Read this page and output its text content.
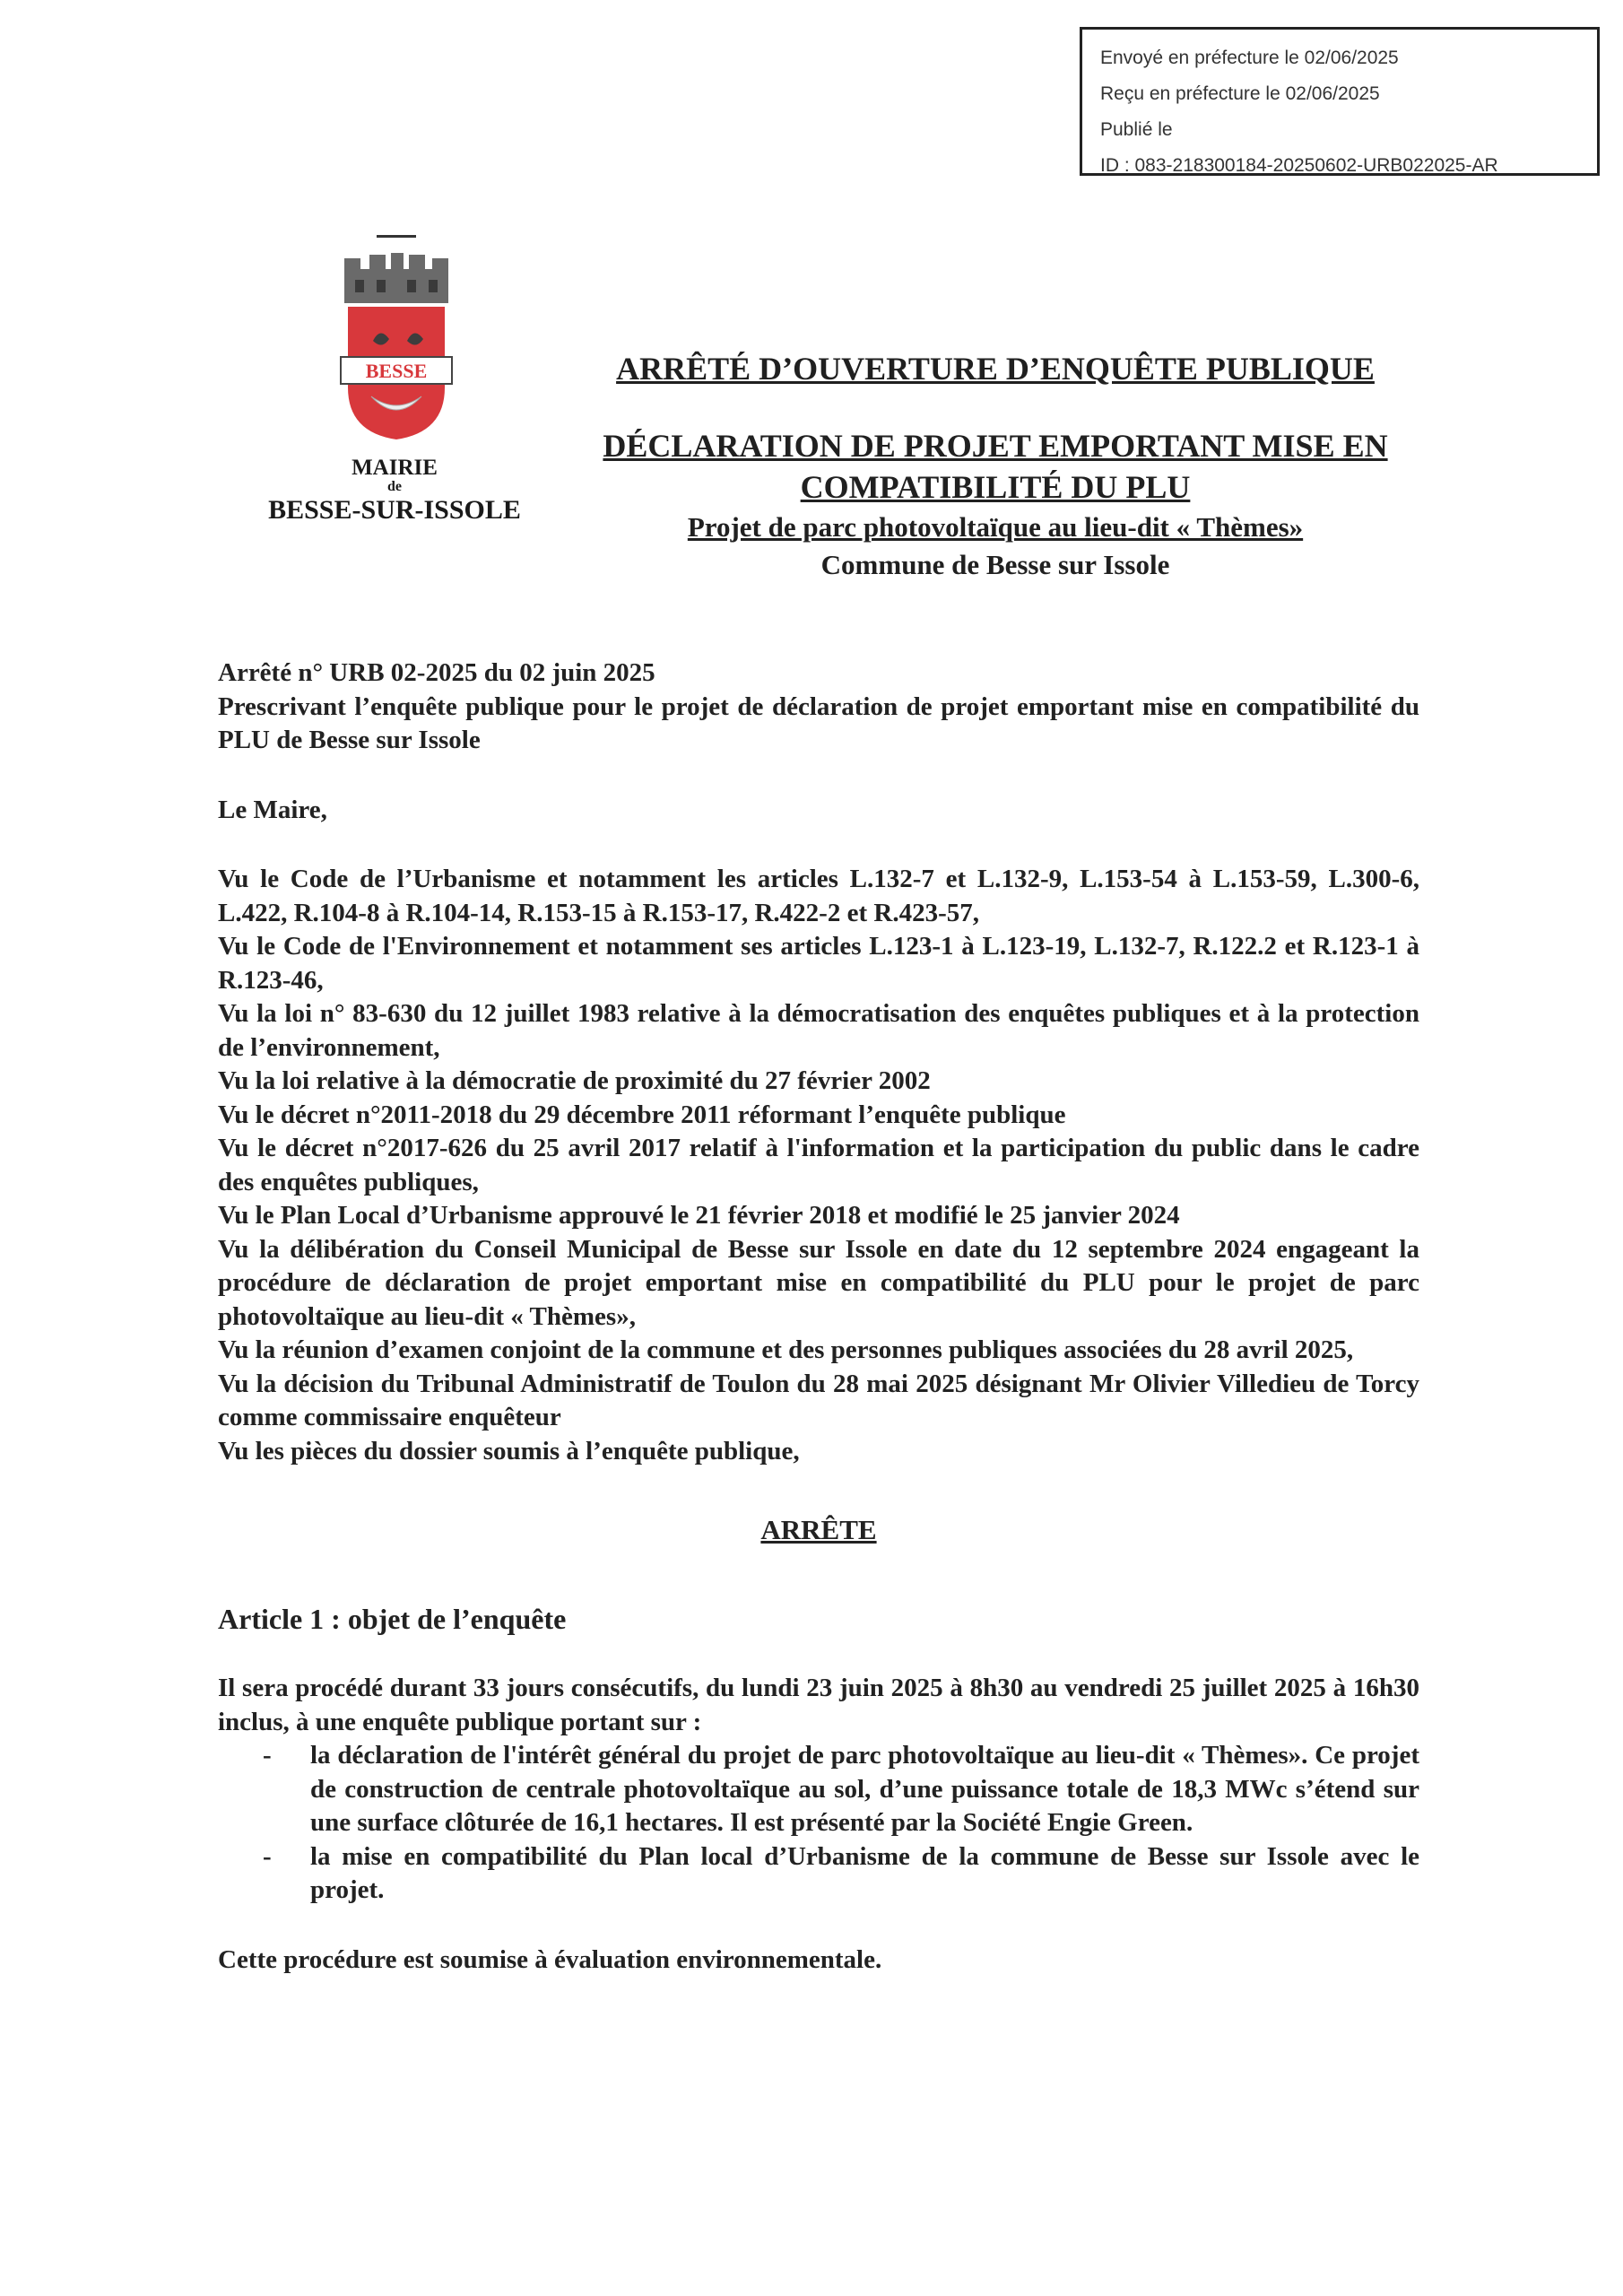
Envoyé en préfecture le 02/06/2025
Reçu en préfecture le 02/06/2025
Publié le
ID : 083-218300184-20250602-URB022025-AR
BESSE
MAIRIE
de
BESSE-SUR-ISSOLE
ARRÊTÉ D’OUVERTURE D’ENQUÊTE PUBLIQUE
DÉCLARATION DE PROJET EMPORTANT MISE EN
COMPATIBILITÉ DU PLU
Projet de parc photovoltaïque au lieu-dit « Thèmes»
Commune de Besse sur Issole

Arrêté n° URB 02-2025 du 02 juin 2025

Prescrivant l’enquête publique pour le projet de déclaration de projet emportant mise en compatibilité du PLU de Besse sur Issole

Le Maire,

Vu le Code de l’Urbanisme et notamment les articles L.132-7 et L.132-9, L.153-54 à L.153-59, L.300-6, L.422, R.104-8 à R.104-14, R.153-15 à R.153-17, R.422-2 et R.423-57,

Vu le Code de l'Environnement et notamment ses articles L.123-1 à L.123-19, L.132-7, R.122.2 et R.123-1 à R.123-46,

Vu la loi n° 83-630 du 12 juillet 1983 relative à la démocratisation des enquêtes publiques et à la protection de l’environnement,

Vu la loi relative à la démocratie de proximité du 27 février 2002

Vu le décret n°2011-2018 du 29 décembre 2011 réformant l’enquête publique

Vu le décret n°2017-626 du 25 avril 2017 relatif à l'information et la participation du public dans le cadre des enquêtes publiques,

Vu le Plan Local d’Urbanisme approuvé le 21 février 2018 et modifié le 25 janvier 2024

Vu la délibération du Conseil Municipal de Besse sur Issole en date du 12 septembre 2024 engageant la procédure de déclaration de projet emportant mise en compatibilité du PLU pour le projet de parc photovoltaïque au lieu-dit « Thèmes»,

Vu la réunion d’examen conjoint de la commune et des personnes publiques associées du 28 avril 2025,

Vu la décision du Tribunal Administratif de Toulon du 28 mai 2025 désignant Mr Olivier Villedieu de Torcy comme commissaire enquêteur

Vu les pièces du dossier soumis à l’enquête publique,

ARRÊTE
Article 1 : objet de l’enquête

Il sera procédé durant 33 jours consécutifs, du lundi 23 juin 2025 à 8h30 au vendredi 25 juillet 2025 à 16h30 inclus, à une enquête publique portant sur :

- la déclaration de l'intérêt général du projet de parc photovoltaïque au lieu-dit « Thèmes». Ce projet de construction de centrale photovoltaïque au sol, d’une puissance totale de 18,3 MWc s’étend sur une surface clôturée de 16,1 hectares. Il est présenté par la Société Engie Green.
- la mise en compatibilité du Plan local d’Urbanisme de la commune de Besse sur Issole avec le projet.

Cette procédure est soumise à évaluation environnementale.
